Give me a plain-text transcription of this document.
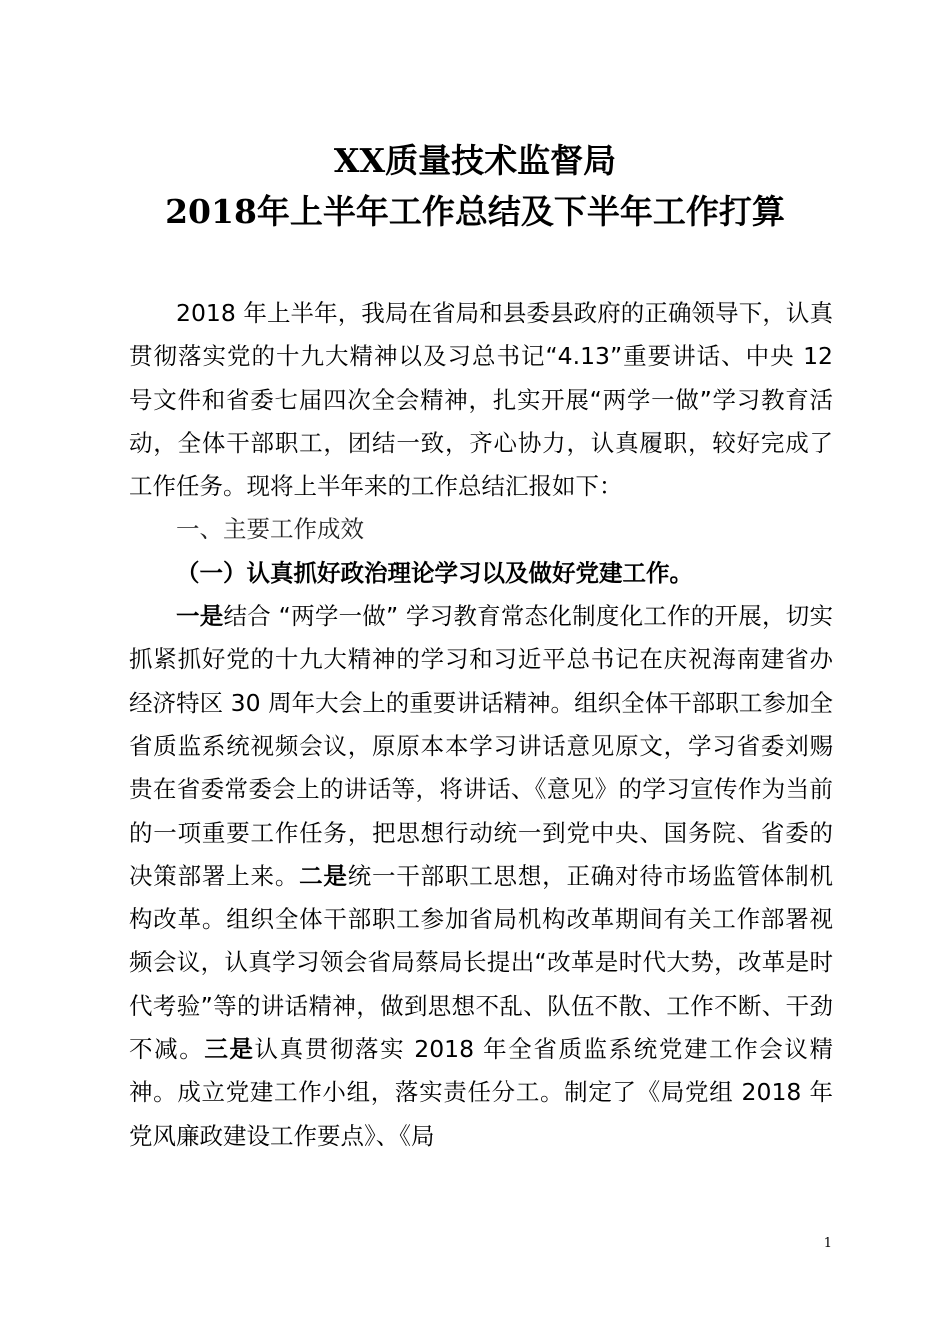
XX质量技术监督局
2018年上半年工作总结及下半年工作打算

2018 年上半年，我局在省局和县委县政府的正确领导下，认真贯彻落实党的十九大精神以及习总书记“4.13”重要讲话、中央 12 号文件和省委七届四次全会精神，扎实开展“两学一做”学习教育活动，全体干部职工，团结一致，齐心协力，认真履职，较好完成了工作任务。现将上半年来的工作总结汇报如下：

一、主要工作成效

（一）认真抓好政治理论学习以及做好党建工作。

一是结合 “两学一做” 学习教育常态化制度化工作的开展，切实抓紧抓好党的十九大精神的学习和习近平总书记在庆祝海南建省办经济特区 30 周年大会上的重要讲话精神。组织全体干部职工参加全省质监系统视频会议，原原本本学习讲话意见原文，学习省委刘赐贵在省委常委会上的讲话等，将讲话、《意见》的学习宣传作为当前的一项重要工作任务，把思想行动统一到党中央、国务院、省委的决策部署上来。二是统一干部职工思想，正确对待市场监管体制机构改革。组织全体干部职工参加省局机构改革期间有关工作部署视频会议，认真学习领会省局蔡局长提出“改革是时代大势，改革是时代考验”等的讲话精神，做到思想不乱、队伍不散、工作不断、干劲不减。三是认真贯彻落实 2018 年全省质监系统党建工作会议精神。成立党建工作小组，落实责任分工。制定了《局党组 2018 年党风廉政建设工作要点》、《局

1
